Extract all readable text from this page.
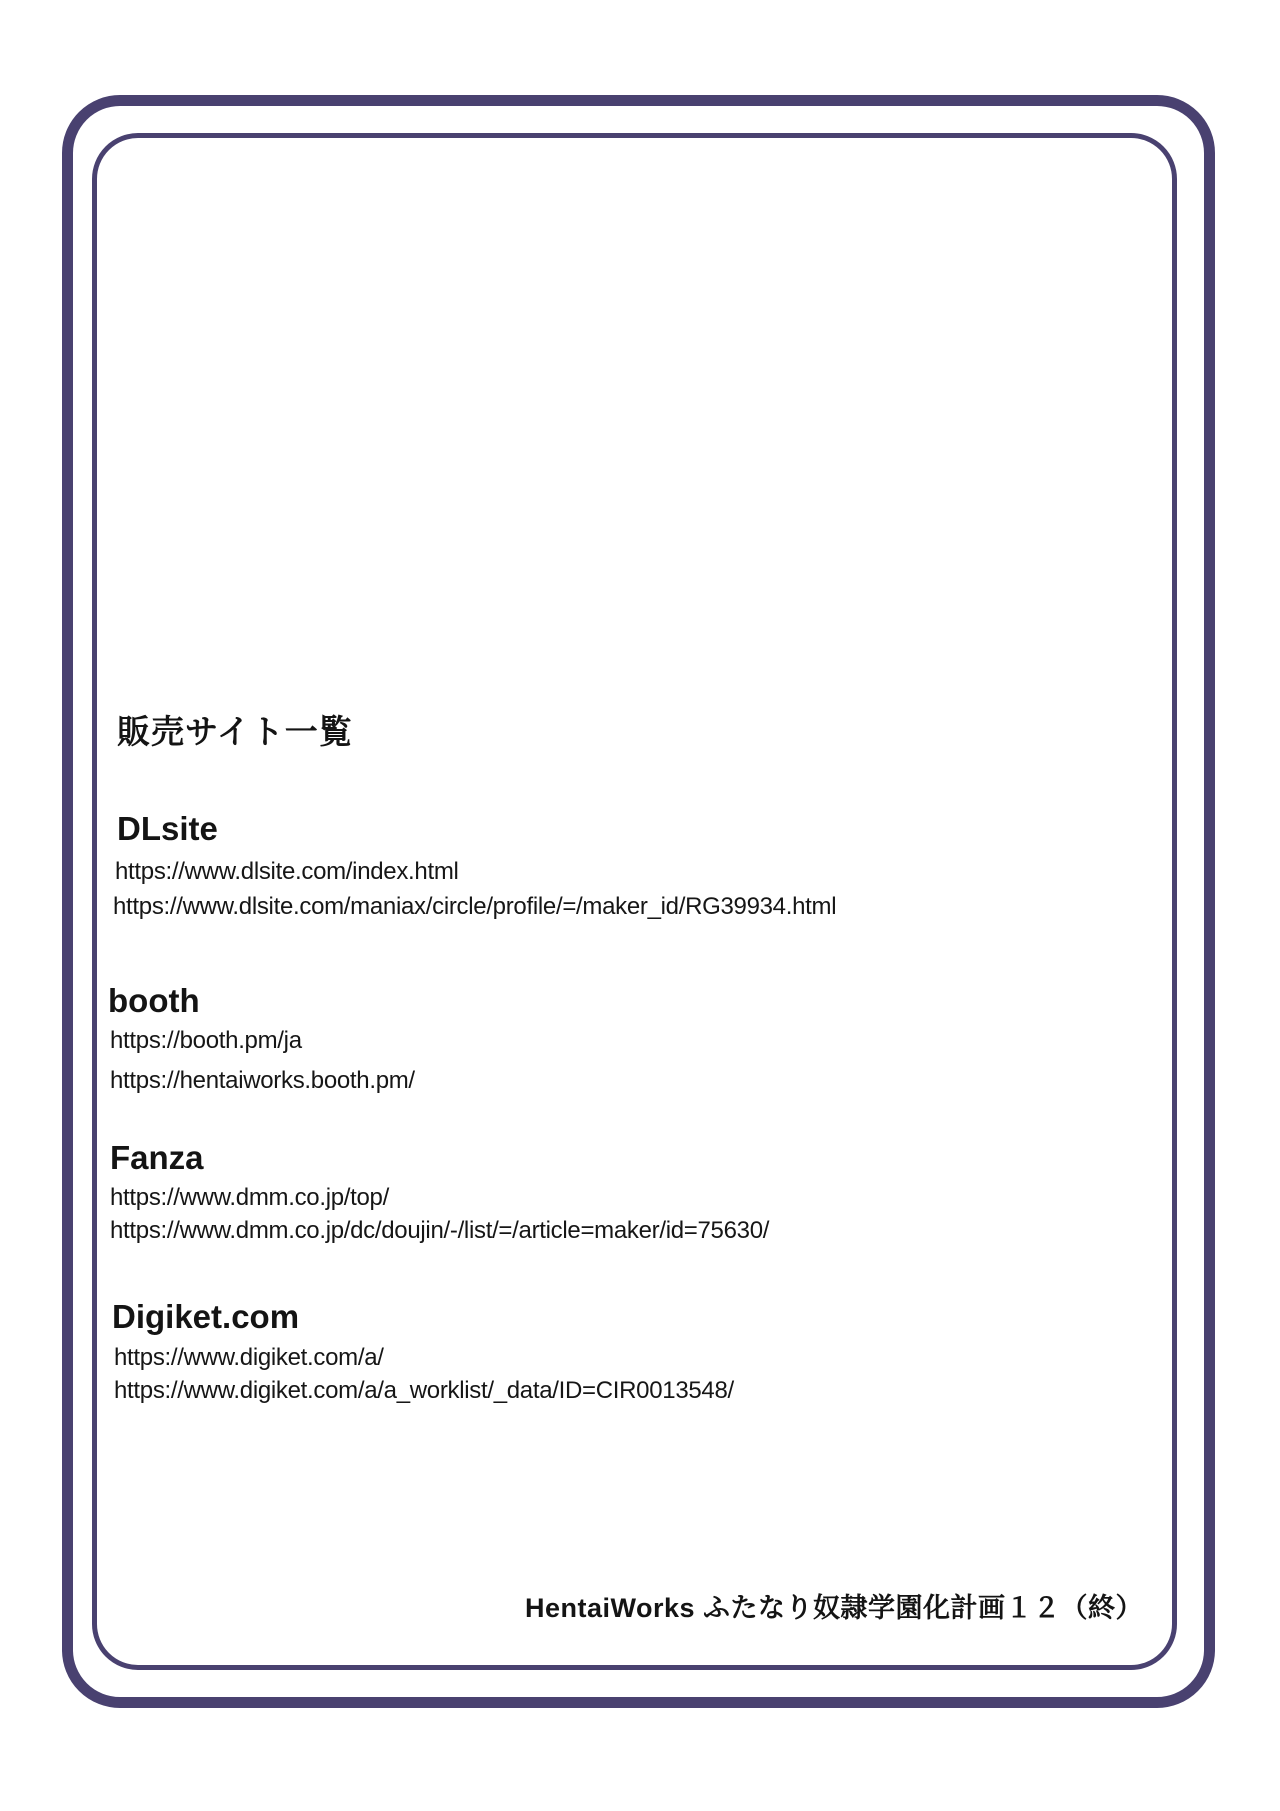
販売サイト一覧
DLsite

https://www.dlsite.com/index.html

https://www.dlsite.com/maniax/circle/profile/=/maker_id/RG39934.html

booth

https://booth.pm/ja

https://hentaiworks.booth.pm/

Fanza

https://www.dmm.co.jp/top/

https://www.dmm.co.jp/dc/doujin/-/list/=/article=maker/id=75630/

Digiket.com

https://www.digiket.com/a/

https://www.digiket.com/a/a_worklist/_data/ID=CIR0013548/

HentaiWorks ふたなり奴隷学園化計画１２（終）
